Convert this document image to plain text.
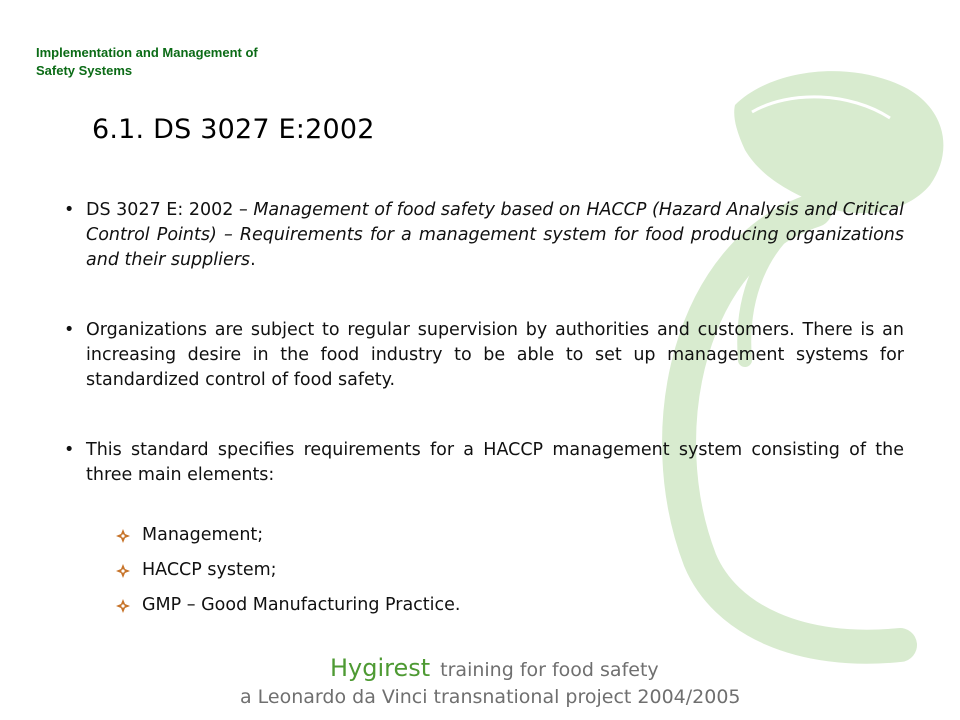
Implementation and Management of
Safety Systems
6.1. DS 3027 E:2002

• DS 3027 E: 2002 – Management of food safety based on HACCP (Hazard Analysis and Critical Control Points) – Requirements for a management system for food producing organizations and their suppliers.

• Organizations are subject to regular supervision by authorities and customers. There is an increasing desire in the food industry to be able to set up management systems for standardized control of food safety.

• This standard specifies requirements for a HACCP management system consisting of the three main elements:

Management;
HACCP system;
GMP – Good Manufacturing Practice.
Hygirest training for food safety
a Leonardo da Vinci transnational project 2004/2005
